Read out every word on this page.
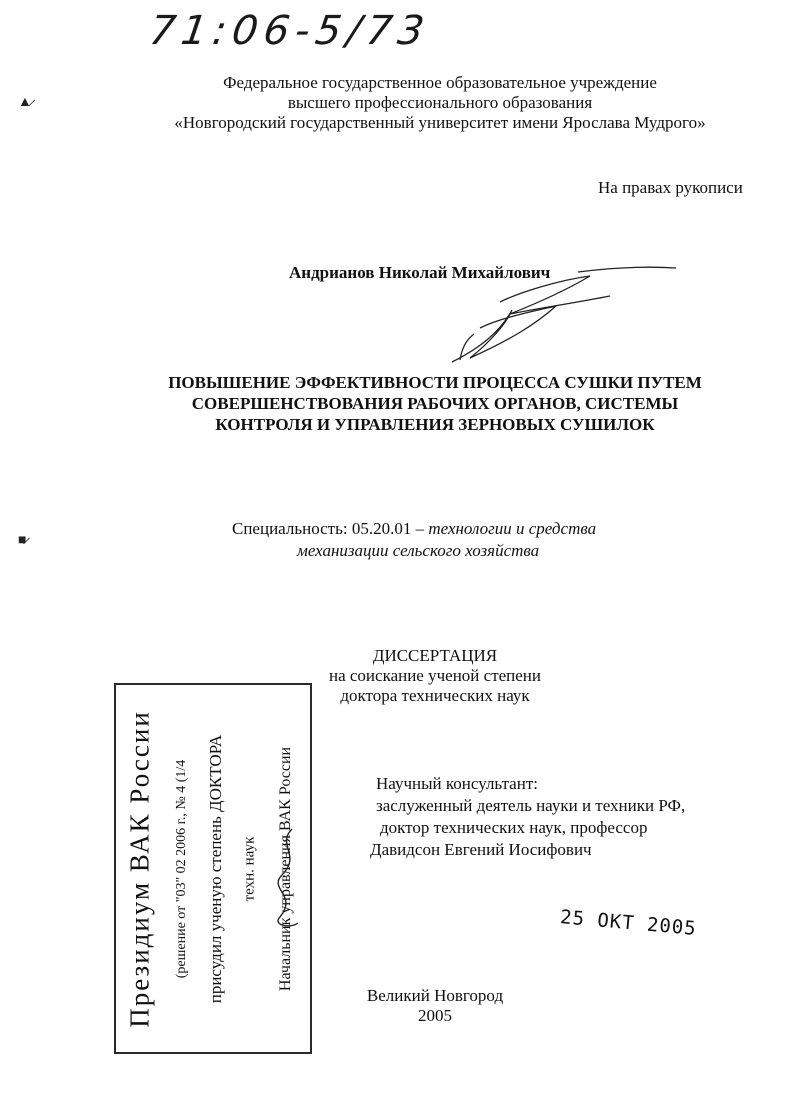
71:06-5/73
Федеральное государственное образовательное учреждение
высшего профессионального образования
«Новгородский государственный университет имени Ярослава Мудрого»
На правах рукописи
Андрианов Николай Михайлович
ПОВЫШЕНИЕ ЭФФЕКТИВНОСТИ ПРОЦЕССА СУШКИ ПУТЕМ
СОВЕРШЕНСТВОВАНИЯ РАБОЧИХ ОРГАНОВ, СИСТЕМЫ
КОНТРОЛЯ И УПРАВЛЕНИЯ ЗЕРНОВЫХ СУШИЛОК
Специальность: 05.20.01 – технологии и средства
механизации сельского хозяйства
ДИССЕРТАЦИЯ
на соискание ученой степени
доктора технических наук
Научный консультант:
заслуженный деятель науки и техники РФ,
доктор технических наук, профессор
Давидсон Евгений Иосифович
25 ОКТ 2005
Великий Новгород
2005
▲̷
■̷
Президиум ВАК России (решение от "03" 02 2006 г., № 4 (1/4 присудил ученую степень ДОКТОРА техн. наук Начальник управления ВАК России
